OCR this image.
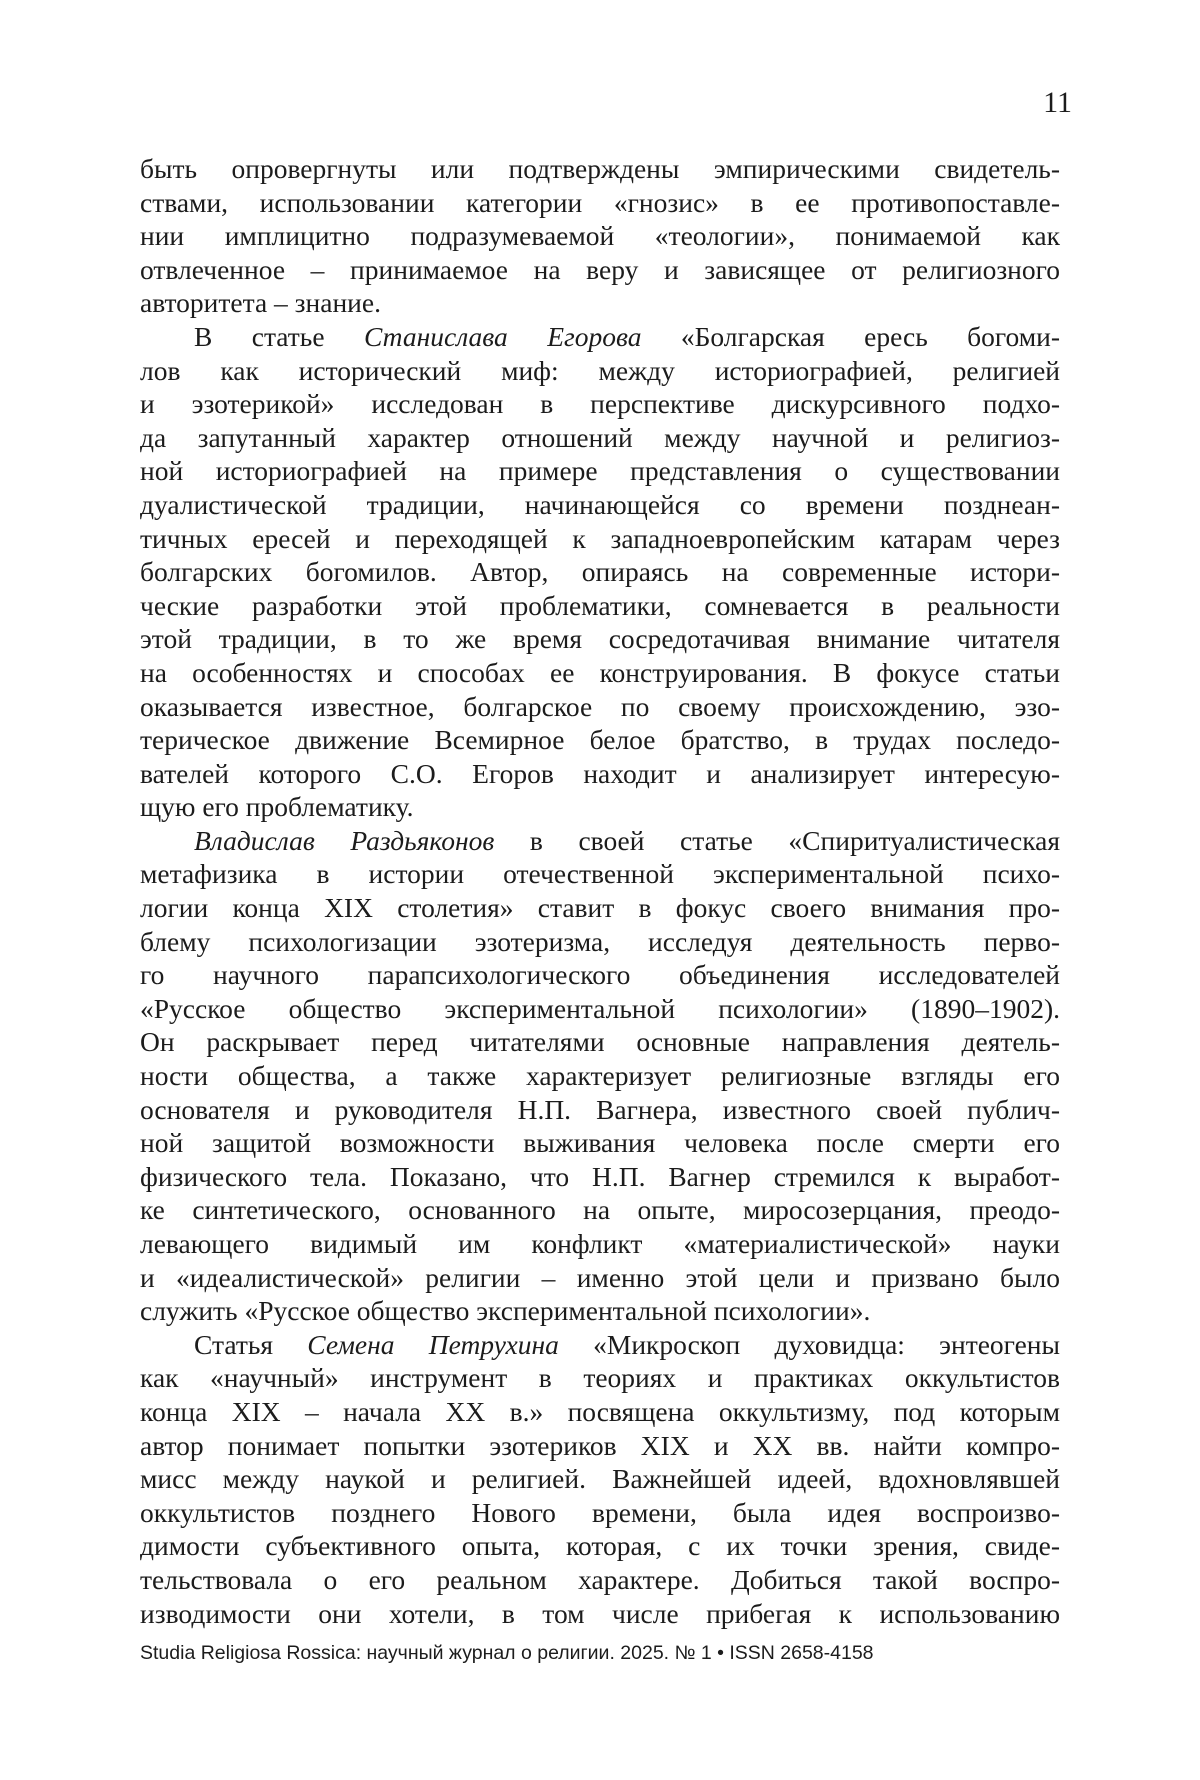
11
быть опровергнуты или подтверждены эмпирическими свидетель-
ствами, использовании категории «гнозис» в ее противопоставле-
нии имплицитно подразумеваемой «теологии», понимаемой как
отвлеченное – принимаемое на веру и зависящее от религиозного
авторитета – знание.
В статье Станислава Егорова «Болгарская ересь богоми-
лов как исторический миф: между историографией, религией
и эзотерикой» исследован в перспективе дискурсивного подхо-
да запутанный характер отношений между научной и религиоз-
ной историографией на примере представления о существовании
дуалистической традиции, начинающейся со времени позднеан-
тичных ересей и переходящей к западноевропейским катарам через
болгарских богомилов. Автор, опираясь на современные истори-
ческие разработки этой проблематики, сомневается в реальности
этой традиции, в то же время сосредотачивая внимание читателя
на особенностях и способах ее конструирования. В фокусе статьи
оказывается известное, болгарское по своему происхождению, эзо-
терическое движение Всемирное белое братство, в трудах последо-
вателей которого С.О. Егоров находит и анализирует интересую-
щую его проблематику.
Владислав Раздьяконов в своей статье «Спиритуалистическая
метафизика в истории отечественной экспериментальной психо-
логии конца XIX столетия» ставит в фокус своего внимания про-
блему психологизации эзотеризма, исследуя деятельность перво-
го научного парапсихологического объединения исследователей
«Русское общество экспериментальной психологии» (1890–1902).
Он раскрывает перед читателями основные направления деятель-
ности общества, а также характеризует религиозные взгляды его
основателя и руководителя Н.П. Вагнера, известного своей публич-
ной защитой возможности выживания человека после смерти его
физического тела. Показано, что Н.П. Вагнер стремился к выработ-
ке синтетического, основанного на опыте, миросозерцания, преодо-
левающего видимый им конфликт «материалистической» науки
и «идеалистической» религии – именно этой цели и призвано было
служить «Русское общество экспериментальной психологии».
Статья Семена Петрухина «Микроскоп духовидца: энтеогены
как «научный» инструмент в теориях и практиках оккультистов
конца XIX – начала XX в.» посвящена оккультизму, под которым
автор понимает попытки эзотериков XIX и XX вв. найти компро-
мисс между наукой и религией. Важнейшей идеей, вдохновлявшей
оккультистов позднего Нового времени, была идея воспроизво-
димости субъективного опыта, которая, с их точки зрения, свиде-
тельствовала о его реальном характере. Добиться такой воспро-
изводимости они хотели, в том числе прибегая к использованию
Studia Religiosa Rossica: научный журнал о религии. 2025. № 1 • ISSN 2658-4158
